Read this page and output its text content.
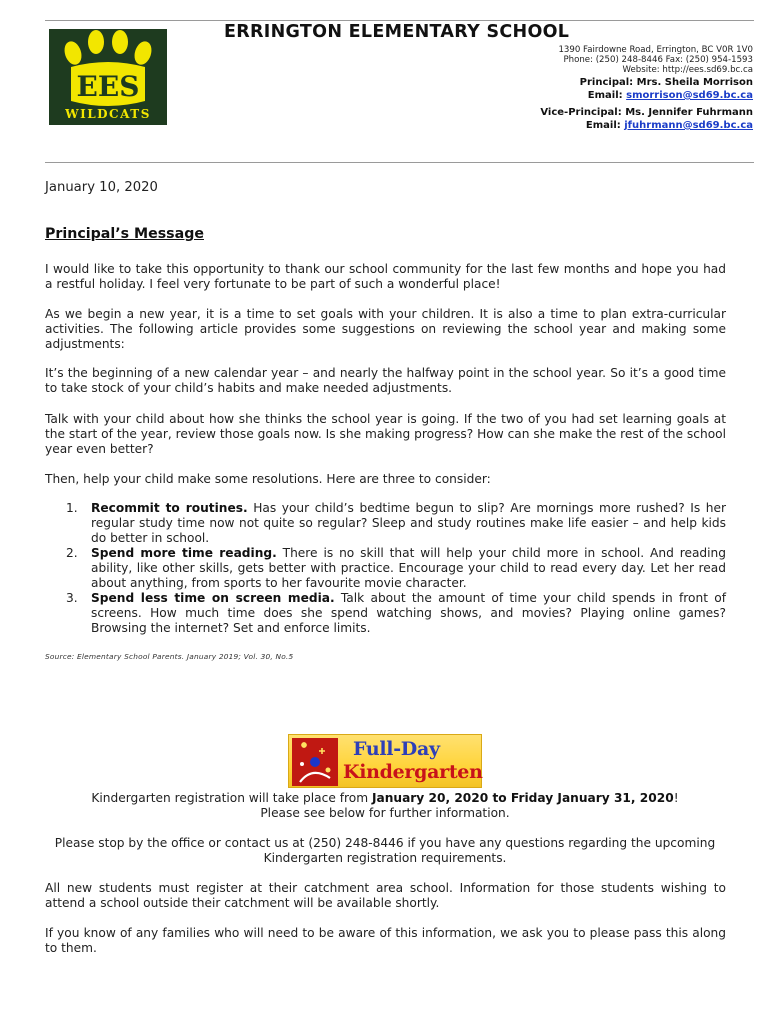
EES
WILDCATS
ERRINGTON ELEMENTARY SCHOOL
1390 Fairdowne Road, Errington, BC V0R 1V0
Phone: (250) 248-8446 Fax: (250) 954-1593
Website: http://ees.sd69.bc.ca
Principal: Mrs. Sheila Morrison
Email: smorrison@sd69.bc.ca
Vice-Principal: Ms. Jennifer Fuhrmann
Email: jfuhrmann@sd69.bc.ca
January 10, 2020
Principal’s Message

I would like to take this opportunity to thank our school community for the last few months and hope you had a restful holiday. I feel very fortunate to be part of such a wonderful place!

As we begin a new year, it is a time to set goals with your children. It is also a time to plan extra-curricular activities. The following article provides some suggestions on reviewing the school year and making some adjustments:

It’s the beginning of a new calendar year – and nearly the halfway point in the school year. So it’s a good time to take stock of your child’s habits and make needed adjustments.

Talk with your child about how she thinks the school year is going. If the two of you had set learning goals at the start of the year, review those goals now. Is she making progress? How can she make the rest of the school year even better?

Then, help your child make some resolutions. Here are three to consider:

1. Recommit to routines. Has your child’s bedtime begun to slip? Are mornings more rushed? Is her regular study time now not quite so regular? Sleep and study routines make life easier – and help kids do better in school.
2. Spend more time reading. There is no skill that will help your child more in school. And reading ability, like other skills, gets better with practice. Encourage your child to read every day. Let her read about anything, from sports to her favourite movie character.
3. Spend less time on screen media. Talk about the amount of time your child spends in front of screens. How much time does she spend watching shows, and movies? Playing online games? Browsing the internet? Set and enforce limits.
Source: Elementary School Parents. January 2019; Vol. 30, No.5
Full-Day
Kindergarten
Kindergarten registration will take place from January 20, 2020 to Friday January 31, 2020!
Please see below for further information.
Please stop by the office or contact us at (250) 248-8446 if you have any questions regarding the upcoming Kindergarten registration requirements.

All new students must register at their catchment area school. Information for those students wishing to attend a school outside their catchment will be available shortly.

If you know of any families who will need to be aware of this information, we ask you to please pass this along to them.
